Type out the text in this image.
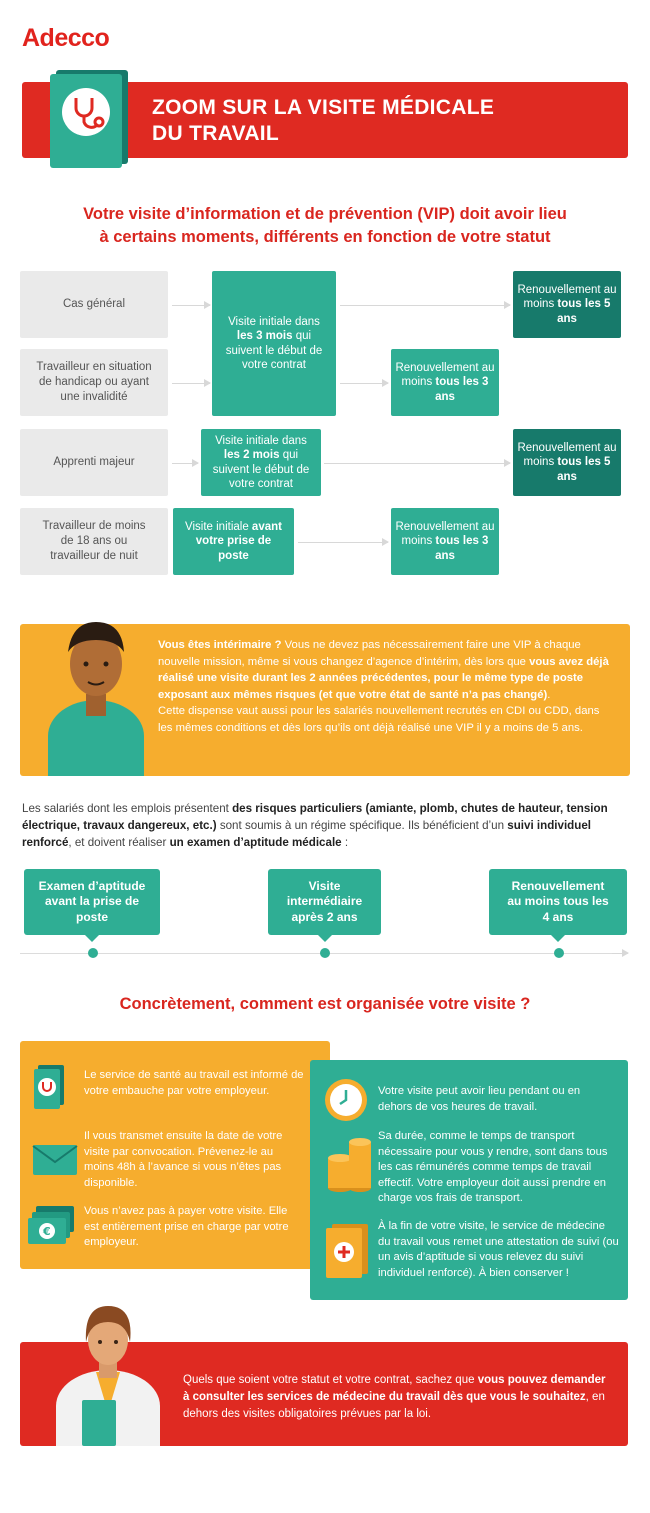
Adecco
ZOOM SUR LA VISITE MÉDICALE
DU TRAVAIL
Votre visite d’information et de prévention (VIP) doit avoir lieu
à certains moments, différents en fonction de votre statut
Cas général
Travailleur en situation de handicap ou ayant une invalidité
Apprenti majeur
Travailleur de moins de 18 ans ou travailleur de nuit
Visite initiale dans les 3 mois qui suivent le début de votre contrat
Renouvellement au moins tous les 5 ans
Renouvellement au moins tous les 3 ans
Visite initiale dans les 2 mois qui suivent le début de votre contrat
Renouvellement au moins tous les 5 ans
Visite initiale avant votre prise de poste
Renouvellement au moins tous les 3 ans
Vous êtes intérimaire ? Vous ne devez pas nécessairement faire une VIP à chaque nouvelle mission, même si vous changez d’agence d’intérim, dès lors que vous avez déjà réalisé une visite durant les 2 années précédentes, pour le même type de poste exposant aux mêmes risques (et que votre état de santé n’a pas changé).
Cette dispense vaut aussi pour les salariés nouvellement recrutés en CDI ou CDD, dans les mêmes conditions et dès lors qu’ils ont déjà réalisé une VIP il y a moins de 5 ans.
Les salariés dont les emplois présentent des risques particuliers (amiante, plomb, chutes de hauteur, tension électrique, travaux dangereux, etc.) sont soumis à un régime spécifique. Ils bénéficient d’un suivi individuel renforcé, et doivent réaliser un examen d’aptitude médicale :
Examen d’aptitude avant la prise de poste
Visite intermédiaire après 2 ans
Renouvellement au moins tous les 4 ans
Concrètement, comment est organisée votre visite ?
Le service de santé au travail est informé de votre embauche par votre employeur.
Il vous transmet ensuite la date de votre visite par convocation. Prévenez-le au moins 48h à l’avance si vous n’êtes pas disponible.
€
Vous n’avez pas à payer votre visite. Elle est entièrement prise en charge par votre employeur.
Votre visite peut avoir lieu pendant ou en dehors de vos heures de travail.
Sa durée, comme le temps de transport nécessaire pour vous y rendre, sont dans tous les cas rémunérés comme temps de travail effectif. Votre employeur doit aussi prendre en charge vos frais de transport.
À la fin de votre visite, le service de médecine du travail vous remet une attestation de suivi (ou un avis d’aptitude si vous relevez du suivi individuel renforcé). À bien conserver !
Quels que soient votre statut et votre contrat, sachez que vous pouvez demander à consulter les services de médecine du travail dès que vous le souhaitez, en dehors des visites obligatoires prévues par la loi.
